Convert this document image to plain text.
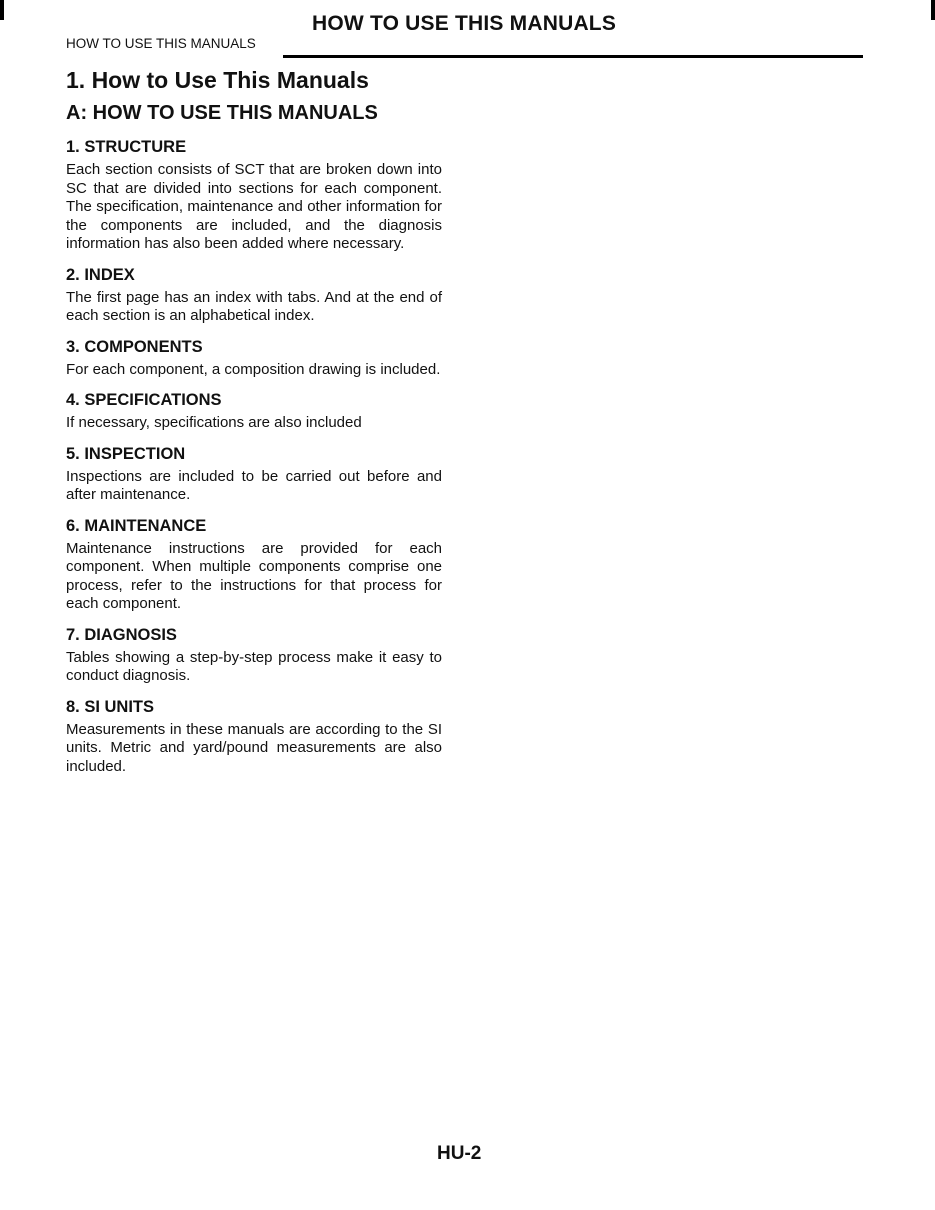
HOW TO USE THIS MANUALS
HOW TO USE THIS MANUALS
1. How to Use This Manuals
A: HOW TO USE THIS MANUALS
1. STRUCTURE

Each section consists of SCT that are broken down into SC that are divided into sections for each component. The specification, maintenance and other information for the components are included, and the diagnosis information has also been added where necessary.

2. INDEX

The first page has an index with tabs. And at the end of each section is an alphabetical index.

3. COMPONENTS

For each component, a composition drawing is included.

4. SPECIFICATIONS

If necessary, specifications are also included

5. INSPECTION

Inspections are included to be carried out before and after maintenance.

6. MAINTENANCE

Maintenance instructions are provided for each component. When multiple components comprise one process, refer to the instructions for that process for each component.

7. DIAGNOSIS

Tables showing a step-by-step process make it easy to conduct diagnosis.

8. SI UNITS

Measurements in these manuals are according to the SI units. Metric and yard/pound measurements are also included.

HU-2
